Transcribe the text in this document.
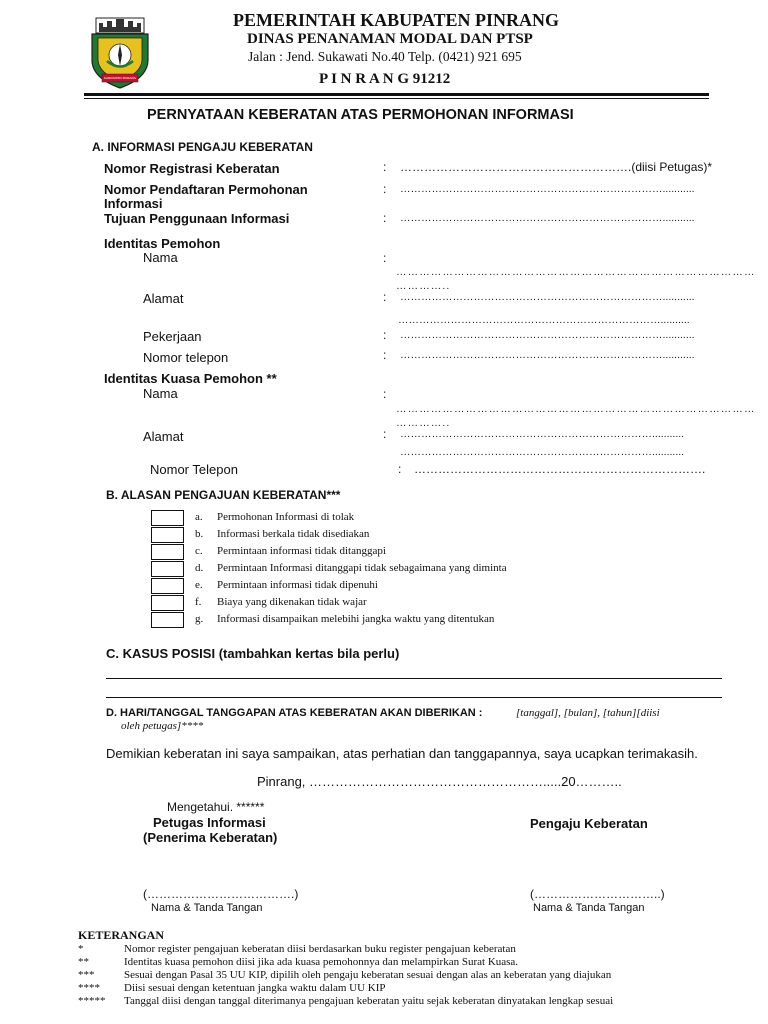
KABUPATEN PINRANG
PEMERINTAH KABUPATEN PINRANG
DINAS PENANAMAN MODAL DAN PTSP
Jalan : Jend. Sukawati No.40 Telp. (0421) 921 695
P I N R A N G 91212
PERNYATAAN KEBERATAN ATAS PERMOHONAN INFORMASI
A. INFORMASI PENGAJU KEBERATAN
Nomor Registrasi Keberatan	: ………………………………………………….(diisi Petugas)*
Nomor Pendaftaran Permohonan
Informasi
: …………………………………………………………………...........
Tujuan Penggunaan Informasi	: …………………………………………………………………...........
Identitas Pemohon
Nama	:
…………………………………………………………………………………
…………..
Alamat	: …………………………………………………………………...........
…………………………………………………………………..........
Pekerjaan	: …………………………………………………………………...........
Nomor telepon	: …………………………………………………………………...........
Identitas Kuasa Pemohon **
Nama	:
…………………………………………………………………………………
…………..
Alamat	: ………………………………………………………………...........
………………………………………………………………...........
Nomor Telepon	: ……………………………………………………………….
B. ALASAN PENGAJUAN KEBERATAN***
a. Permohonan Informasi di tolak
b. Informasi berkala tidak disediakan
c. Permintaan informasi tidak ditanggapi
d. Permintaan Informasi ditanggapi tidak sebagaimana yang diminta
e. Permintaan informasi tidak dipenuhi
f. Biaya yang dikenakan tidak wajar
g. Informasi disampaikan melebihi jangka waktu yang ditentukan
C. KASUS POSISI (tambahkan kertas bila perlu)
D. HARI/TANGGAL TANGGAPAN ATAS KEBERATAN AKAN DIBERIKAN :	[tanggal], [bulan], [tahun][diisi
oleh petugas]****
Demikian keberatan ini saya sampaikan, atas perhatian dan tanggapannya, saya ucapkan terimakasih.
Pinrang, ……………………………………………….....20………..
Mengetahui. ******
Petugas Informasi
(Penerima Keberatan)
Pengaju Keberatan
(……………………………….)	(…………………………..)
Nama & Tanda Tangan	Nama & Tanda Tangan
KETERANGAN
*	Nomor register pengajuan keberatan diisi berdasarkan buku register pengajuan keberatan
**	Identitas kuasa pemohon diisi jika ada kuasa pemohonnya dan melampirkan Surat Kuasa.
***	Sesuai dengan Pasal 35 UU KIP, dipilih oleh pengaju keberatan sesuai dengan alas an keberatan yang diajukan
**** Diisi sesuai dengan ketentuan jangka waktu dalam UU KIP
***** Tanggal diisi dengan tanggal diterimanya pengajuan keberatan yaitu sejak keberatan dinyatakan lengkap sesuai
